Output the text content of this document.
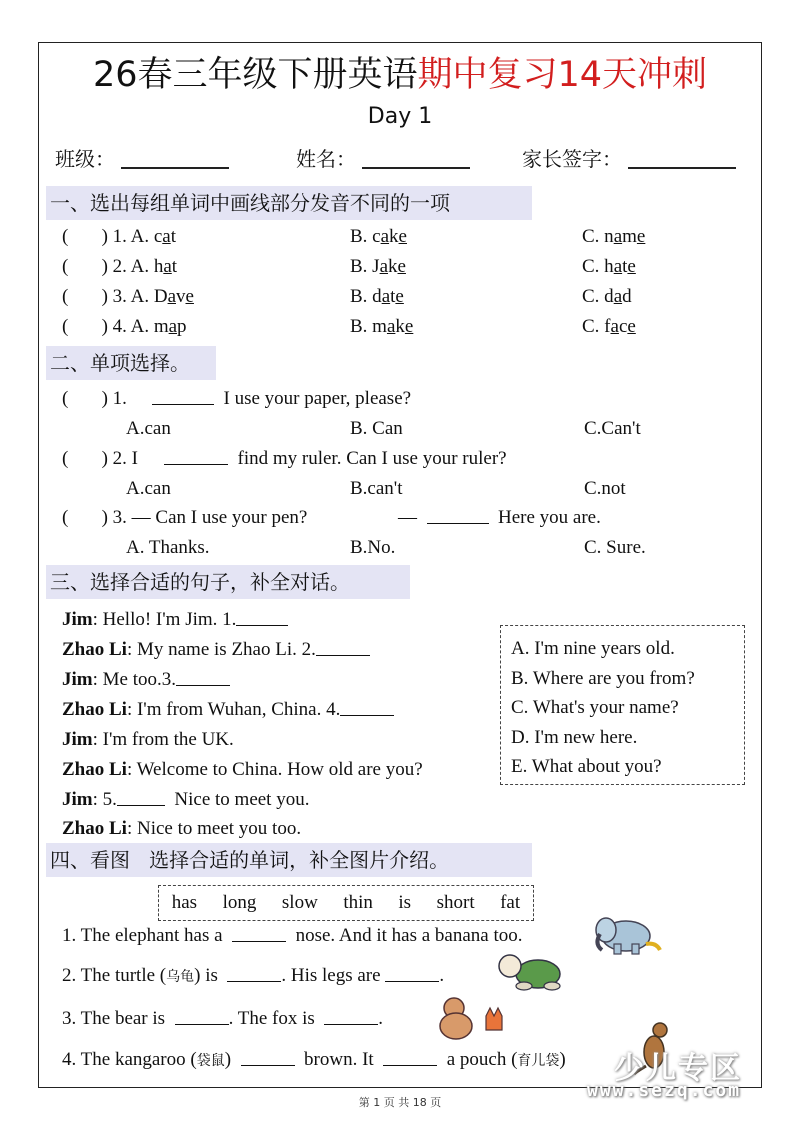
26春三年级下册英语期中复习14天冲刺
Day 1
班级：	姓名：	家长签字：
一、选出每组单词中画线部分发音不同的一项
(       ) 1. A. cat	B. cake	C. name
(       ) 2. A. hat	B. Jake	C. hate
(       ) 3. A. Dave	B. date	C. dad
(       ) 4. A. map	B. make	C. face
二、单项选择。
(       ) 1.	I use your paper, please?
A.can	B. Can	C.Can't
(       ) 2. I	find my ruler. Can I use your ruler?
A.can	B.can't	C.not
(       ) 3. — Can I use your pen?	—	Here you are.
A. Thanks.	B.No.	C. Sure.
三、选择合适的句子，补全对话。
Jim: Hello! I'm Jim. 1.
Zhao Li: My name is Zhao Li. 2.
Jim: Me too.3.
Zhao Li: I'm from Wuhan, China. 4.
Jim: I'm from the UK.
Zhao Li: Welcome to China. How old are you?
Jim: 5.	Nice to meet you.
Zhao Li: Nice to meet you too.
A. I'm nine years old.
B. Where are you from?
C. What's your name?
D. I'm new here.
E. What about you?
四、看图 选择合适的单词，补全图片介绍。
has long slow thin is short fat
1. The elephant has a	nose. And it has a banana too.
2. The turtle (乌龟) is	. His legs are	.
3. The bear is	. The fox is	.
4. The kangaroo (袋鼠)	brown. It	a pouch (育儿袋)
第 1 页 共 18 页
少儿专区
www.sezq.com
